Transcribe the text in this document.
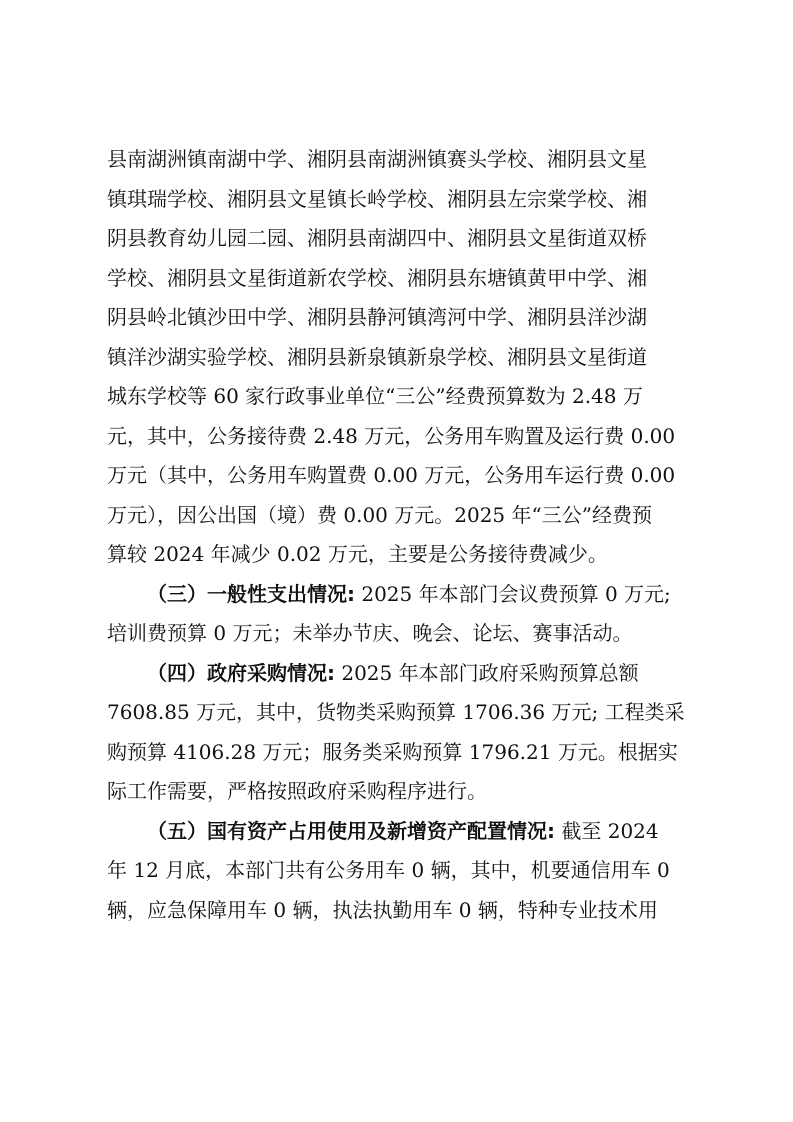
县南湖洲镇南湖中学、湘阴县南湖洲镇赛头学校、湘阴县文星
镇琪瑞学校、湘阴县文星镇长岭学校、湘阴县左宗棠学校、湘
阴县教育幼儿园二园、湘阴县南湖四中、湘阴县文星街道双桥
学校、湘阴县文星街道新农学校、湘阴县东塘镇黄甲中学、湘
阴县岭北镇沙田中学、湘阴县静河镇湾河中学、湘阴县洋沙湖
镇洋沙湖实验学校、湘阴县新泉镇新泉学校、湘阴县文星街道
城东学校等 60 家行政事业单位“三公”经费预算数为 2.48 万
元，其中，公务接待费 2.48 万元，公务用车购置及运行费 0.00
万元（其中，公务用车购置费 0.00 万元，公务用车运行费 0.00
万元），因公出国（境）费 0.00 万元。2025 年“三公”经费预
算较 2024 年减少 0.02 万元，主要是公务接待费减少。
  （三）一般性支出情况: 2025 年本部门会议费预算 0 万元;
培训费预算 0 万元；未举办节庆、晚会、论坛、赛事活动。
  （四）政府采购情况: 2025 年本部门政府采购预算总额
7608.85 万元，其中，货物类采购预算 1706.36 万元; 工程类采
购预算 4106.28 万元；服务类采购预算 1796.21 万元。根据实
际工作需要，严格按照政府采购程序进行。
  （五）国有资产占用使用及新增资产配置情况: 截至 2024
年 12 月底，本部门共有公务用车 0 辆，其中，机要通信用车 0
辆，应急保障用车 0 辆，执法执勤用车 0 辆，特种专业技术用
